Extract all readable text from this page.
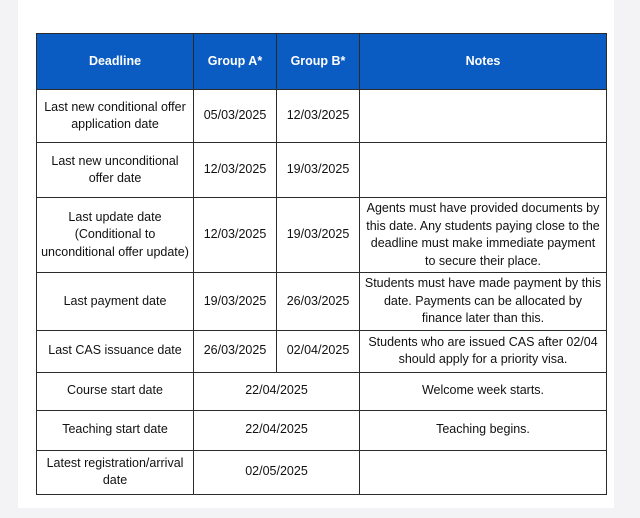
Deadline	Group A*	Group B*	Notes
Last new conditional offer application date	05/03/2025	12/03/2025	
Last new unconditional offer date	12/03/2025	19/03/2025	
Last update date (Conditional to unconditional offer update)	12/03/2025	19/03/2025	Agents must have provided documents by this date. Any students paying close to the deadline must make immediate payment to secure their place.
Last payment date	19/03/2025	26/03/2025	Students must have made payment by this date. Payments can be allocated by finance later than this.
Last CAS issuance date	26/03/2025	02/04/2025	Students who are issued CAS after 02/04 should apply for a priority visa.
Course start date	22/04/2025		Welcome week starts.
Teaching start date	22/04/2025		Teaching begins.
Latest registration/arrival date	02/05/2025		
